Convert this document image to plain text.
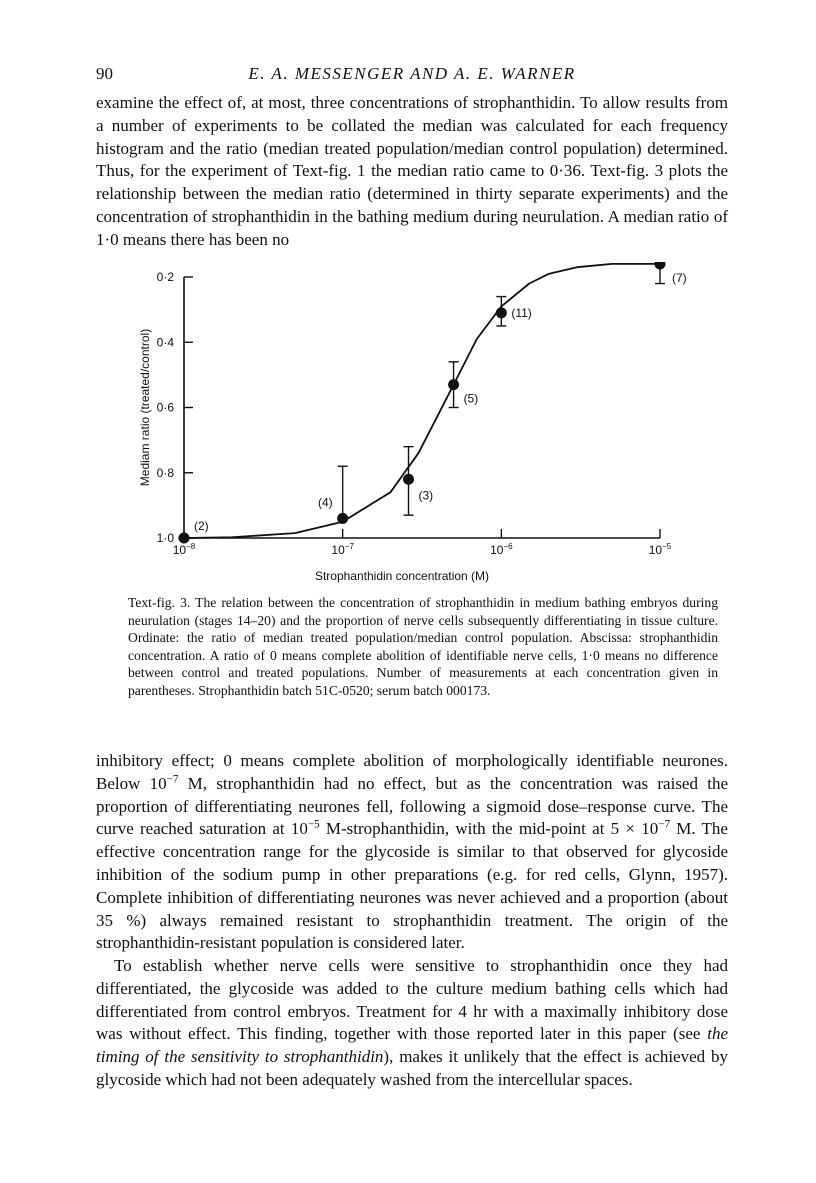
90	E. A. MESSENGER AND A. E. WARNER

examine the effect of, at most, three concentrations of strophanthidin. To allow results from a number of experiments to be collated the median was calculated for each frequency histogram and the ratio (median treated population/median control population) determined. Thus, for the experiment of Text-fig. 1 the median ratio came to 0·36. Text-fig. 3 plots the relationship between the median ratio (determined in thirty separate experiments) and the concentration of strophanthidin in the bathing medium during neurulation. A median ratio of 1·0 means there has been no

0·2
0·4
0·6
0·8
1·0
$10^{-8}$	$10^{-7}$	$10^{-6}$	$10^{-5}$
(2)
(4)
(3)
(5)
(11)
(7)
Mediam ratio (treated/control)
Strophanthidin concentration (M)

Text-fig. 3. The relation between the concentration of strophanthidin in medium bathing embryos during neurulation (stages 14–20) and the proportion of nerve cells subsequently differentiating in tissue culture. Ordinate: the ratio of median treated population/median control population. Abscissa: strophanthidin concentration. A ratio of 0 means complete abolition of identifiable nerve cells, 1·0 means no difference between control and treated populations. Number of measurements at each concentration given in parentheses. Strophanthidin batch 51C-0520; serum batch 000173.

inhibitory effect; 0 means complete abolition of morphologically identifiable neurones. Below $10^{-7}$ M, strophanthidin had no effect, but as the concentration was raised the proportion of differentiating neurones fell, following a sigmoid dose–response curve. The curve reached saturation at $10^{-5}$ M-strophanthidin, with the mid-point at $5 \times 10^{-7}$ M. The effective concentration range for the glycoside is similar to that observed for glycoside inhibition of the sodium pump in other preparations (e.g. for red cells, Glynn, 1957). Complete inhibition of differentiating neurones was never achieved and a proportion (about 35 %) always remained resistant to strophanthidin treatment. The origin of the strophanthidin-resistant population is considered later.

To establish whether nerve cells were sensitive to strophanthidin once they had differentiated, the glycoside was added to the culture medium bathing cells which had differentiated from control embryos. Treatment for 4 hr with a maximally inhibitory dose was without effect. This finding, together with those reported later in this paper (see the timing of the sensitivity to strophanthidin), makes it unlikely that the effect is achieved by glycoside which had not been adequately washed from the intercellular spaces.
